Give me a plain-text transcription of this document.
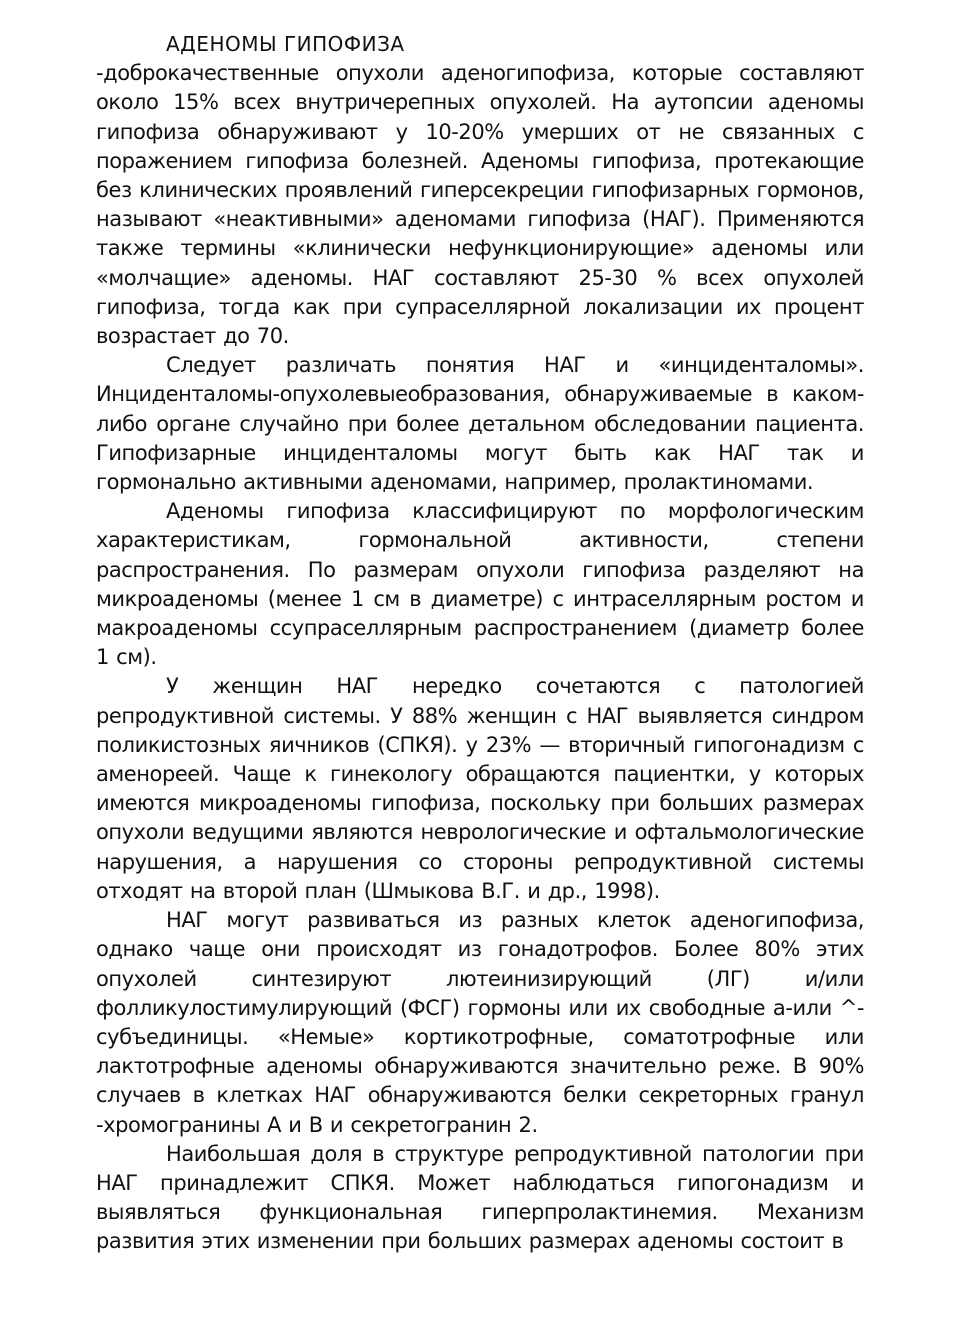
АДЕНОМЫ ГИПОФИЗА

-доброкачественные опухоли аденогипофиза, которые составляют около 15% всех внутричерепных опухолей. На аутопсии аденомы гипофиза обнаруживают у 10-20% умерших от не связанных с поражением гипофиза болезней. Аденомы гипофиза, протекающие без клинических проявлений гиперсекреции гипофизарных гормонов, называют «неактивными» аденомами гипофиза (НАГ). Применяются также термины «клинически нефункционирующие» аденомы или «молчащие» аденомы. НАГ составляют 25-30 % всех опухолей гипофиза, тогда как при супраселлярной локализации их процент возрастает до 70.

Следует различать понятия НАГ и «инциденталомы». Инциденталомы-опухолевыеобразования, обнаруживаемые в каком-либо органе случайно при более детальном обследовании пациента. Гипофизарные инциденталомы могут быть как НАГ так и гормонально активными аденомами, например, пролактиномами.

Аденомы гипофиза классифицируют по морфологическим характеристикам, гормональной активности, степени распространения. По размерам опухоли гипофиза разделяют на микроаденомы (менее 1 см в диаметре) с интраселлярным ростом и макроаденомы ссупраселлярным распространением (диаметр более 1 см).

У женщин НАГ нередко сочетаются с патологией репродуктивной системы. У 88% женщин с НАГ выявляется синдром поликистозных яичников (СПКЯ). у 23% — вторичный гипогонадизм с аменореей. Чаще к гинекологу обращаются пациентки, у которых имеются микроаденомы гипофиза, поскольку при больших размерах опухоли ведущими являются неврологические и офтальмологические нарушения, а нарушения со стороны репродуктивной системы отходят на второй план (Шмыкова В.Г. и др., 1998).

НАГ могут развиваться из разных клеток аденогипофиза, однако чаще они происходят из гонадотрофов. Более 80% этих опухолей синтезируют лютеинизирующий (ЛГ) и/или фолликулостимулирующий (ФСГ) гормоны или их свободные а-или ^-субъединицы. «Немые» кортикотрофные, соматотрофные или лактотрофные аденомы обнаруживаются значительно реже. В 90% случаев в клетках НАГ обнаруживаются белки секреторных гранул -хромогранины А и В и секретогранин 2.

Наибольшая доля в структуре репродуктивной патологии при НАГ принадлежит СПКЯ. Может наблюдаться гипогонадизм и выявляться функциональная гиперпролактинемия. Механизм развития этих изменении при больших размерах аденомы состоит в
